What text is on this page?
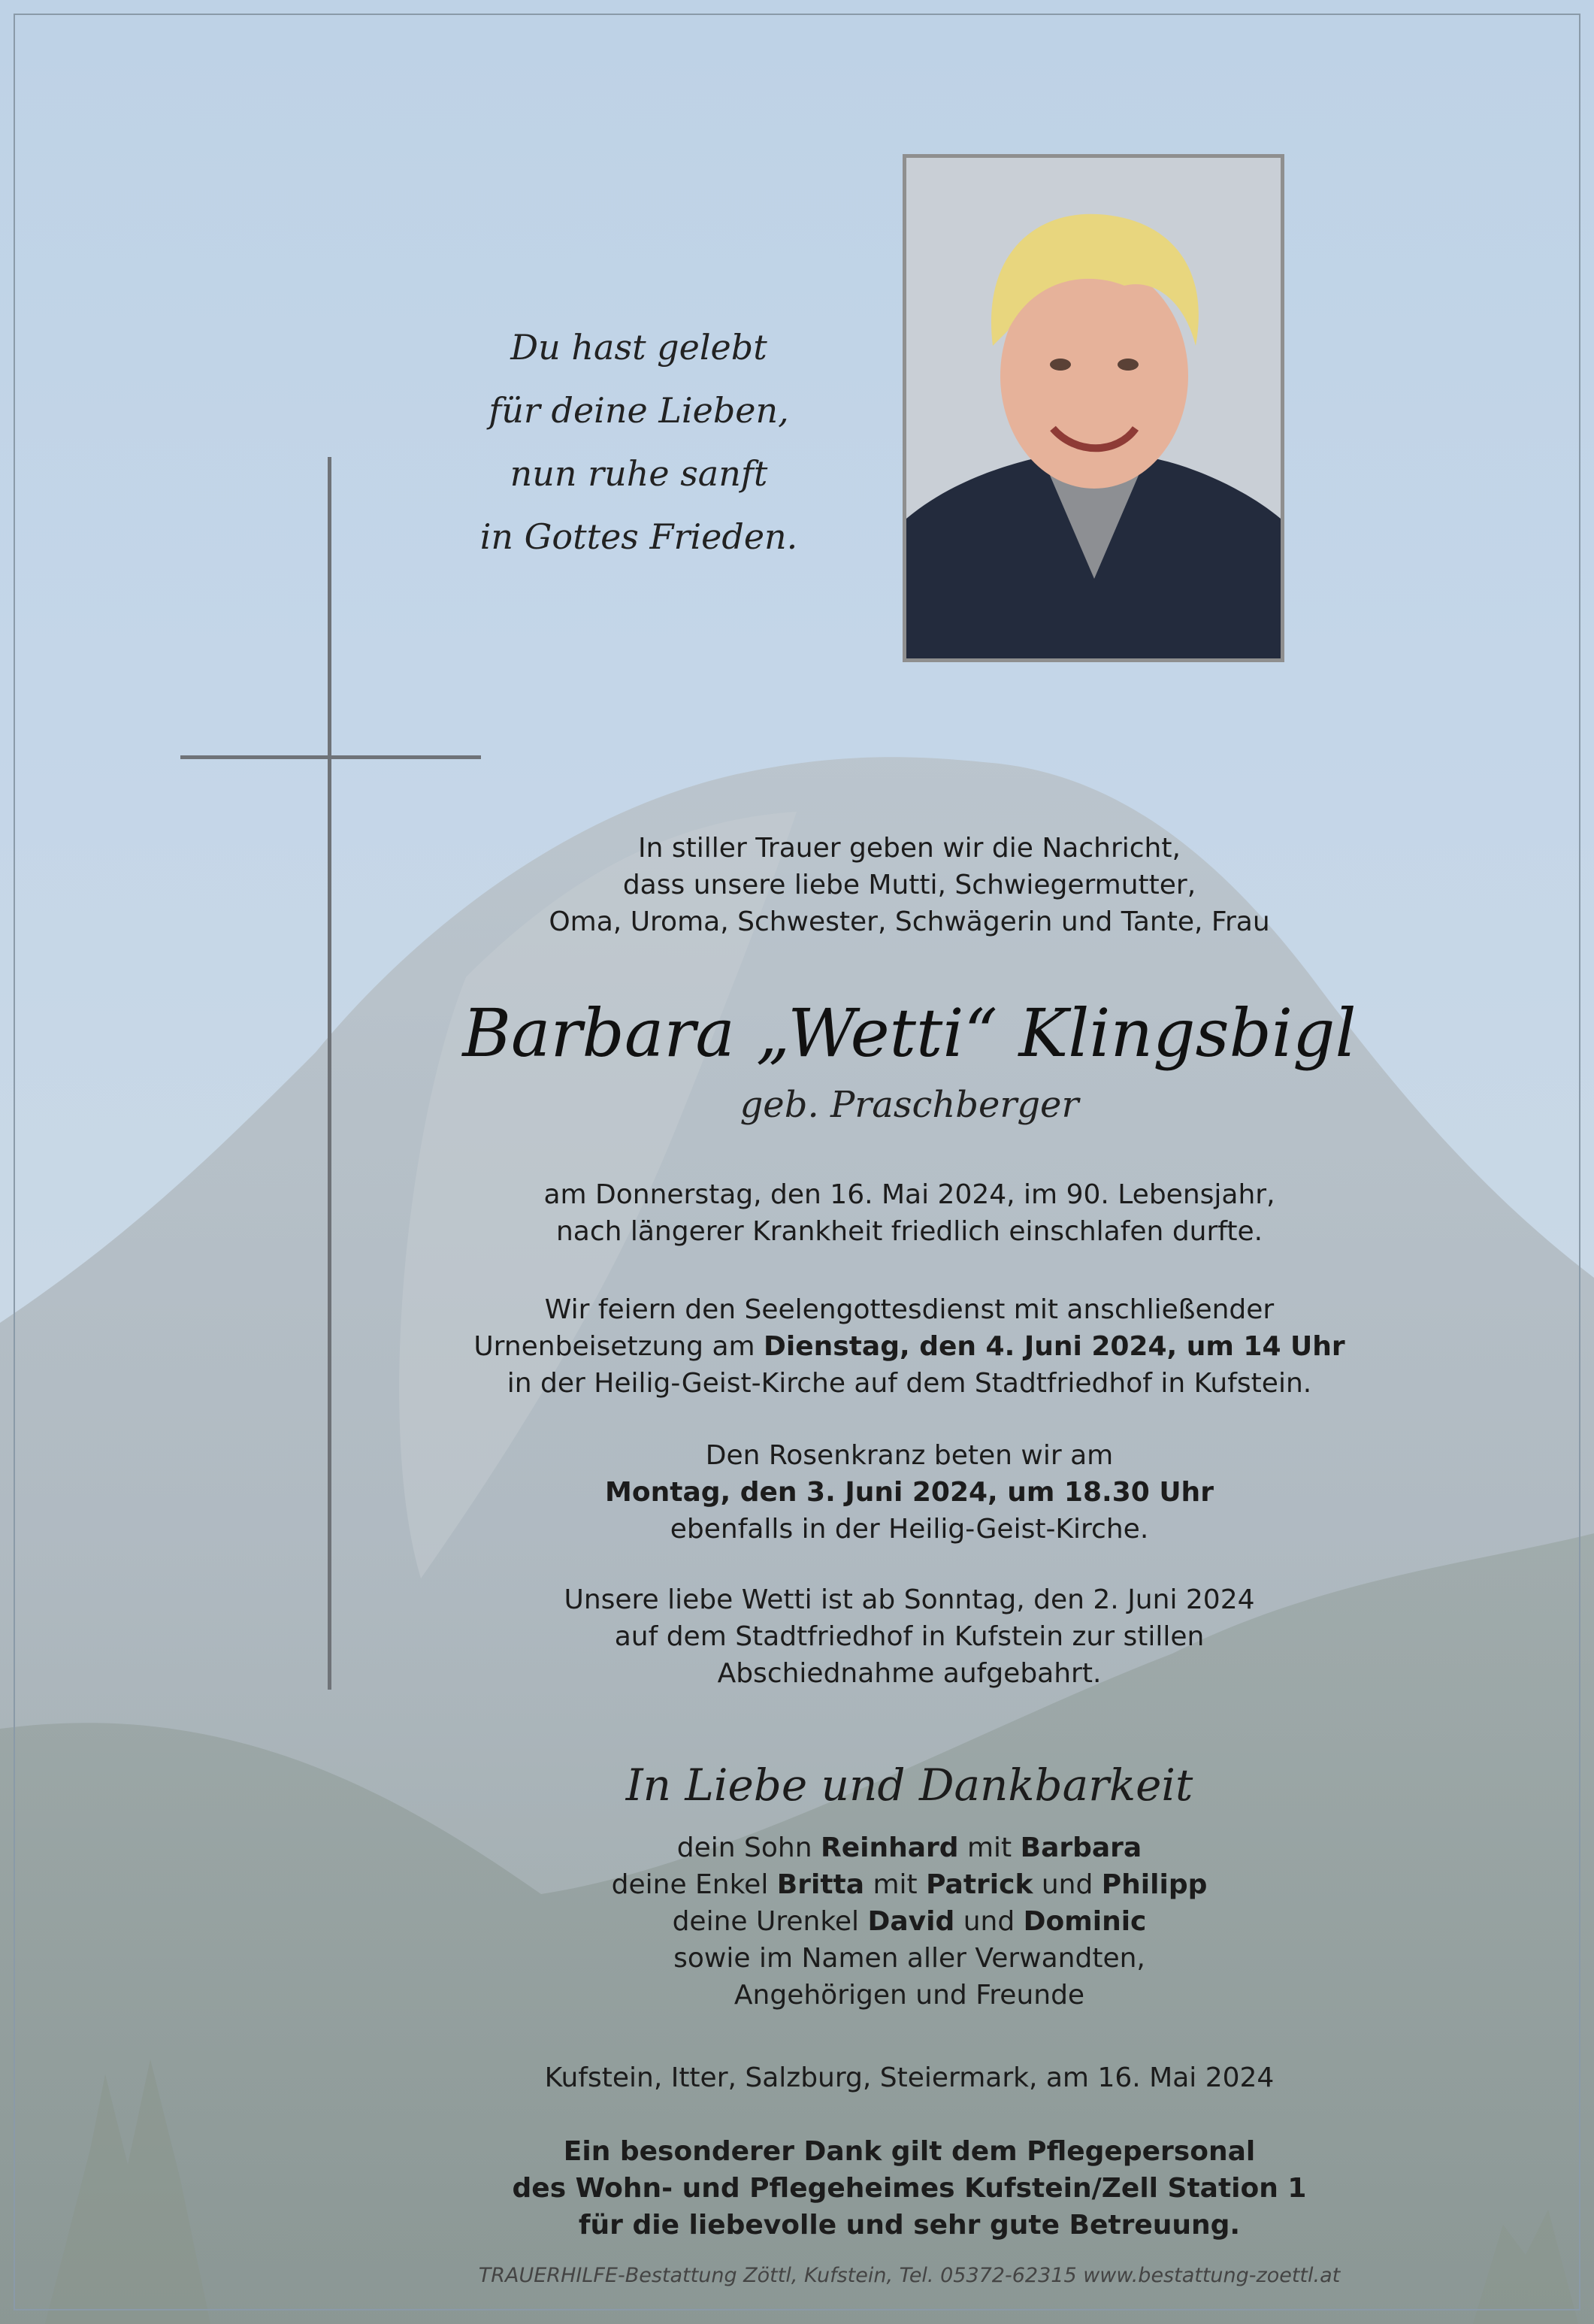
Du hast gelebt
für deine Lieben,
nun ruhe sanft
in Gottes Frieden.
In stiller Trauer geben wir die Nachricht,
dass unsere liebe Mutti, Schwiegermutter,
Oma, Uroma, Schwester, Schwägerin und Tante, Frau
Barbara „Wetti“ Klingsbigl
geb. Praschberger
am Donnerstag, den 16. Mai 2024, im 90. Lebensjahr,
nach längerer Krankheit friedlich einschlafen durfte.
Wir feiern den Seelengottesdienst mit anschließender
Urnenbeisetzung am Dienstag, den 4. Juni 2024, um 14 Uhr
in der Heilig-Geist-Kirche auf dem Stadtfriedhof in Kufstein.
Den Rosenkranz beten wir am
Montag, den 3. Juni 2024, um 18.30 Uhr
ebenfalls in der Heilig-Geist-Kirche.
Unsere liebe Wetti ist ab Sonntag, den 2. Juni 2024
auf dem Stadtfriedhof in Kufstein zur stillen
Abschiednahme aufgebahrt.
In Liebe und Dankbarkeit
dein Sohn Reinhard mit Barbara
deine Enkel Britta mit Patrick und Philipp
deine Urenkel David und Dominic
sowie im Namen aller Verwandten,
Angehörigen und Freunde
Kufstein, Itter, Salzburg, Steiermark, am 16. Mai 2024
Ein besonderer Dank gilt dem Pflegepersonal
des Wohn- und Pflegeheimes Kufstein/Zell Station 1
für die liebevolle und sehr gute Betreuung.
TRAUERHILFE-Bestattung Zöttl, Kufstein, Tel. 05372-62315 www.bestattung-zoettl.at
